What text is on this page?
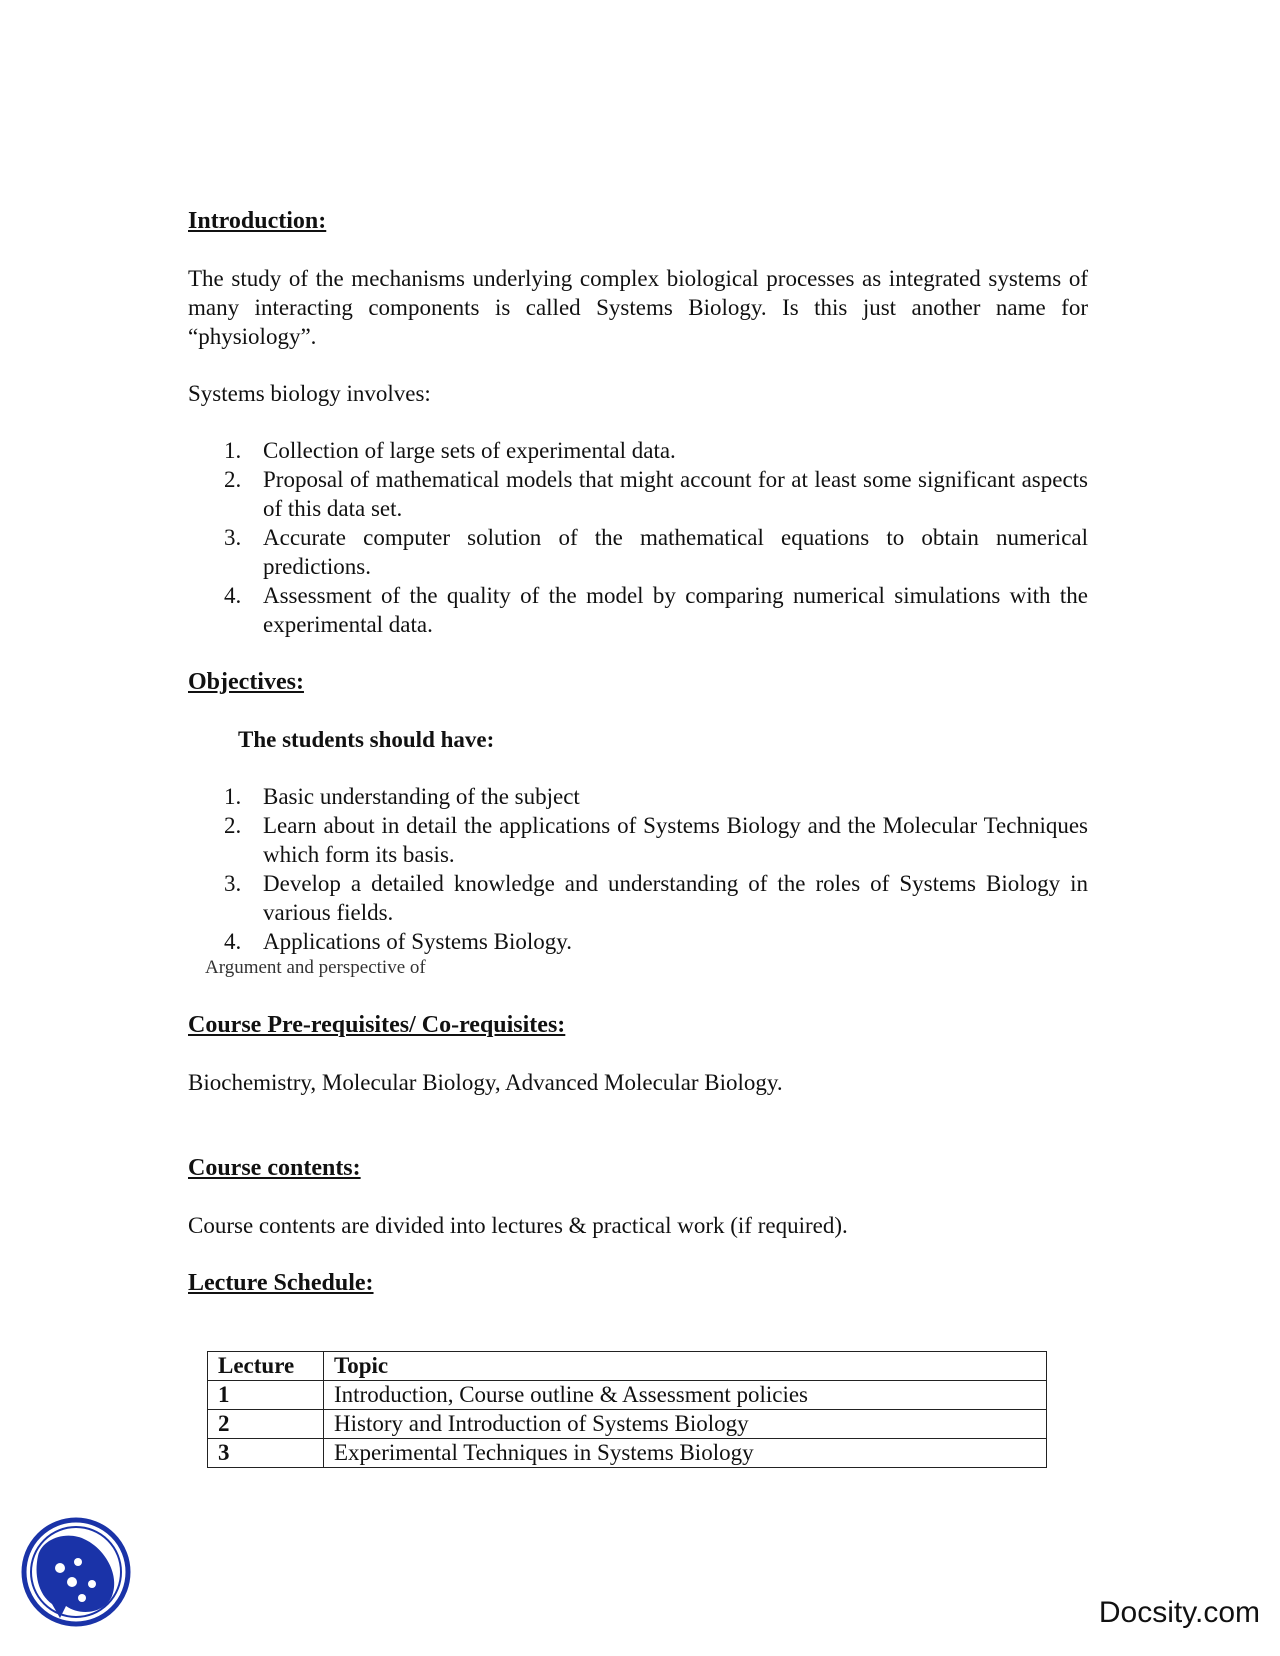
Introduction:

The study of the mechanisms underlying complex biological processes as integrated systems of many interacting components is called Systems Biology. Is this just another name for “physiology”.

Systems biology involves:

1. Collection of large sets of experimental data.
2. Proposal of mathematical models that might account for at least some significant aspects of this data set.
3. Accurate computer solution of the mathematical equations to obtain numerical predictions.
4. Assessment of the quality of the model by comparing numerical simulations with the experimental data.

Objectives:

The students should have:

1. Basic understanding of the subject
2. Learn about in detail the applications of Systems Biology and the Molecular Techniques which form its basis.
3. Develop a detailed knowledge and understanding of the roles of Systems Biology in various fields.
4. Applications of Systems Biology.

Argument and perspective of

Course Pre-requisites/ Co-requisites:

Biochemistry, Molecular Biology, Advanced Molecular Biology.

Course contents:

Course contents are divided into lectures & practical work (if required).

Lecture Schedule:

Lecture	Topic
1	Introduction, Course outline & Assessment policies
2	History and Introduction of Systems Biology
3	Experimental Techniques in Systems Biology
Docsity.com
